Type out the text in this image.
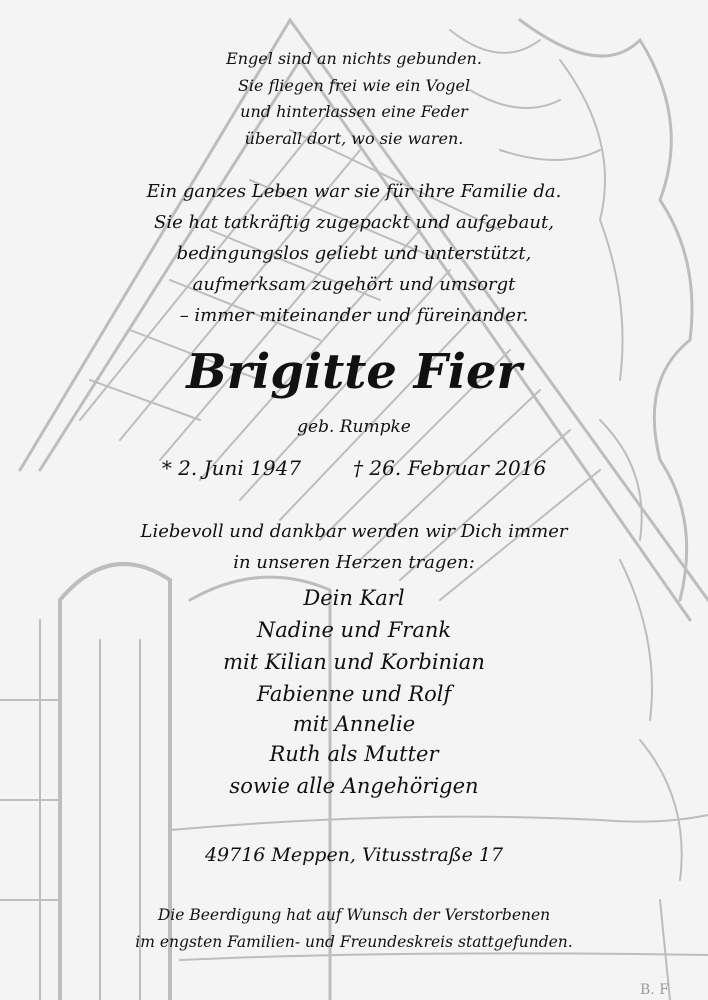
B. F
Engel sind an nichts gebunden.
Sie fliegen frei wie ein Vogel
und hinterlassen eine Feder
überall dort, wo sie waren.
Ein ganzes Leben war sie für ihre Familie da.
Sie hat tatkräftig zugepackt und aufgebaut,
bedingungslos geliebt und unterstützt,
aufmerksam zugehört und umsorgt
– immer miteinander und füreinander.
Brigitte Fier
geb. Rumpke
* 2. Juni 1947	† 26. Februar 2016
Liebevoll und dankbar werden wir Dich immer
in unseren Herzen tragen:
Dein Karl
Nadine und Frank
mit Kilian und Korbinian
Fabienne und Rolf
mit Annelie
Ruth als Mutter
sowie alle Angehörigen
49716 Meppen, Vitusstraße 17
Die Beerdigung hat auf Wunsch der Verstorbenen
im engsten Familien- und Freundeskreis stattgefunden.
